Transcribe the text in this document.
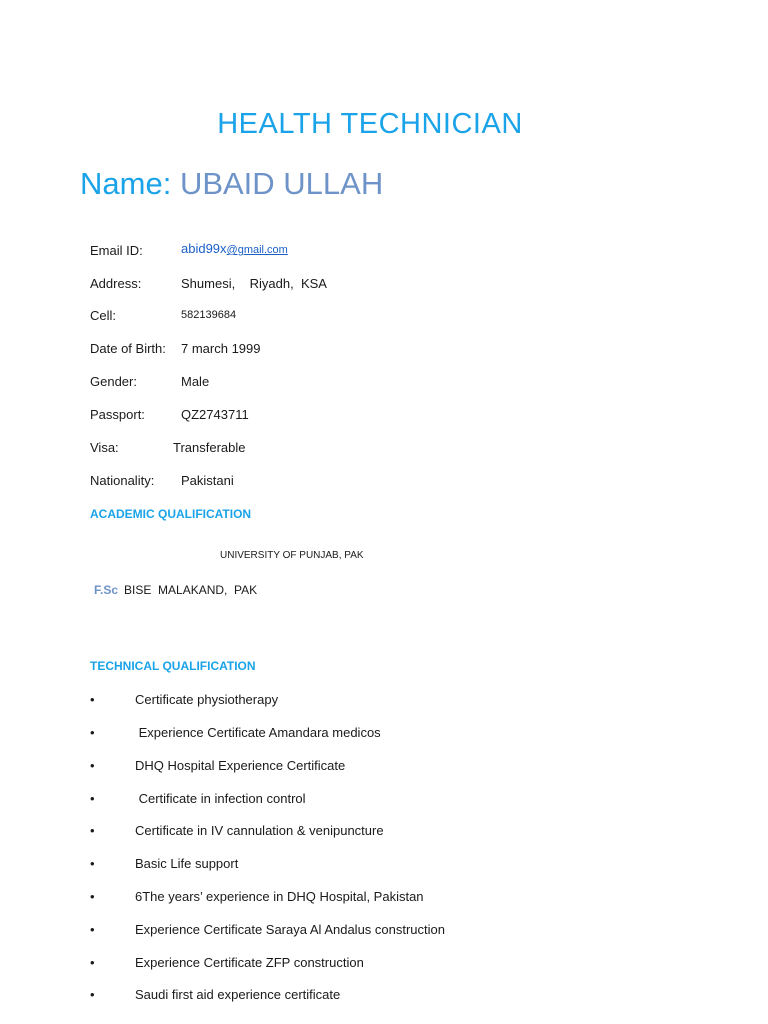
HEALTH TECHNICIAN
Name: UBAID ULLAH
Email ID:	abid99x@gmail.com
Address:	Shumesi,    Riyadh,  KSA
Cell:	582139684
Date of Birth: 7 march 1999
Gender:	Male
Passport:	QZ2743711
Visa:	Transferable
Nationality: Pakistani
ACADEMIC QUALIFICATION
UNIVERSITY OF PUNJAB, PAK
F.Sc BISE  MALAKAND,  PAK
TECHNICAL QUALIFICATION
•	Certificate physiotherapy
•	Experience Certificate Amandara medicos
•	DHQ Hospital Experience Certificate
•	Certificate in infection control
•	Certificate in IV cannulation & venipuncture
•	Basic Life support
•	6The years’ experience in DHQ Hospital, Pakistan
•	Experience Certificate Saraya Al Andalus construction
•	Experience Certificate ZFP construction
•	Saudi first aid experience certificate
